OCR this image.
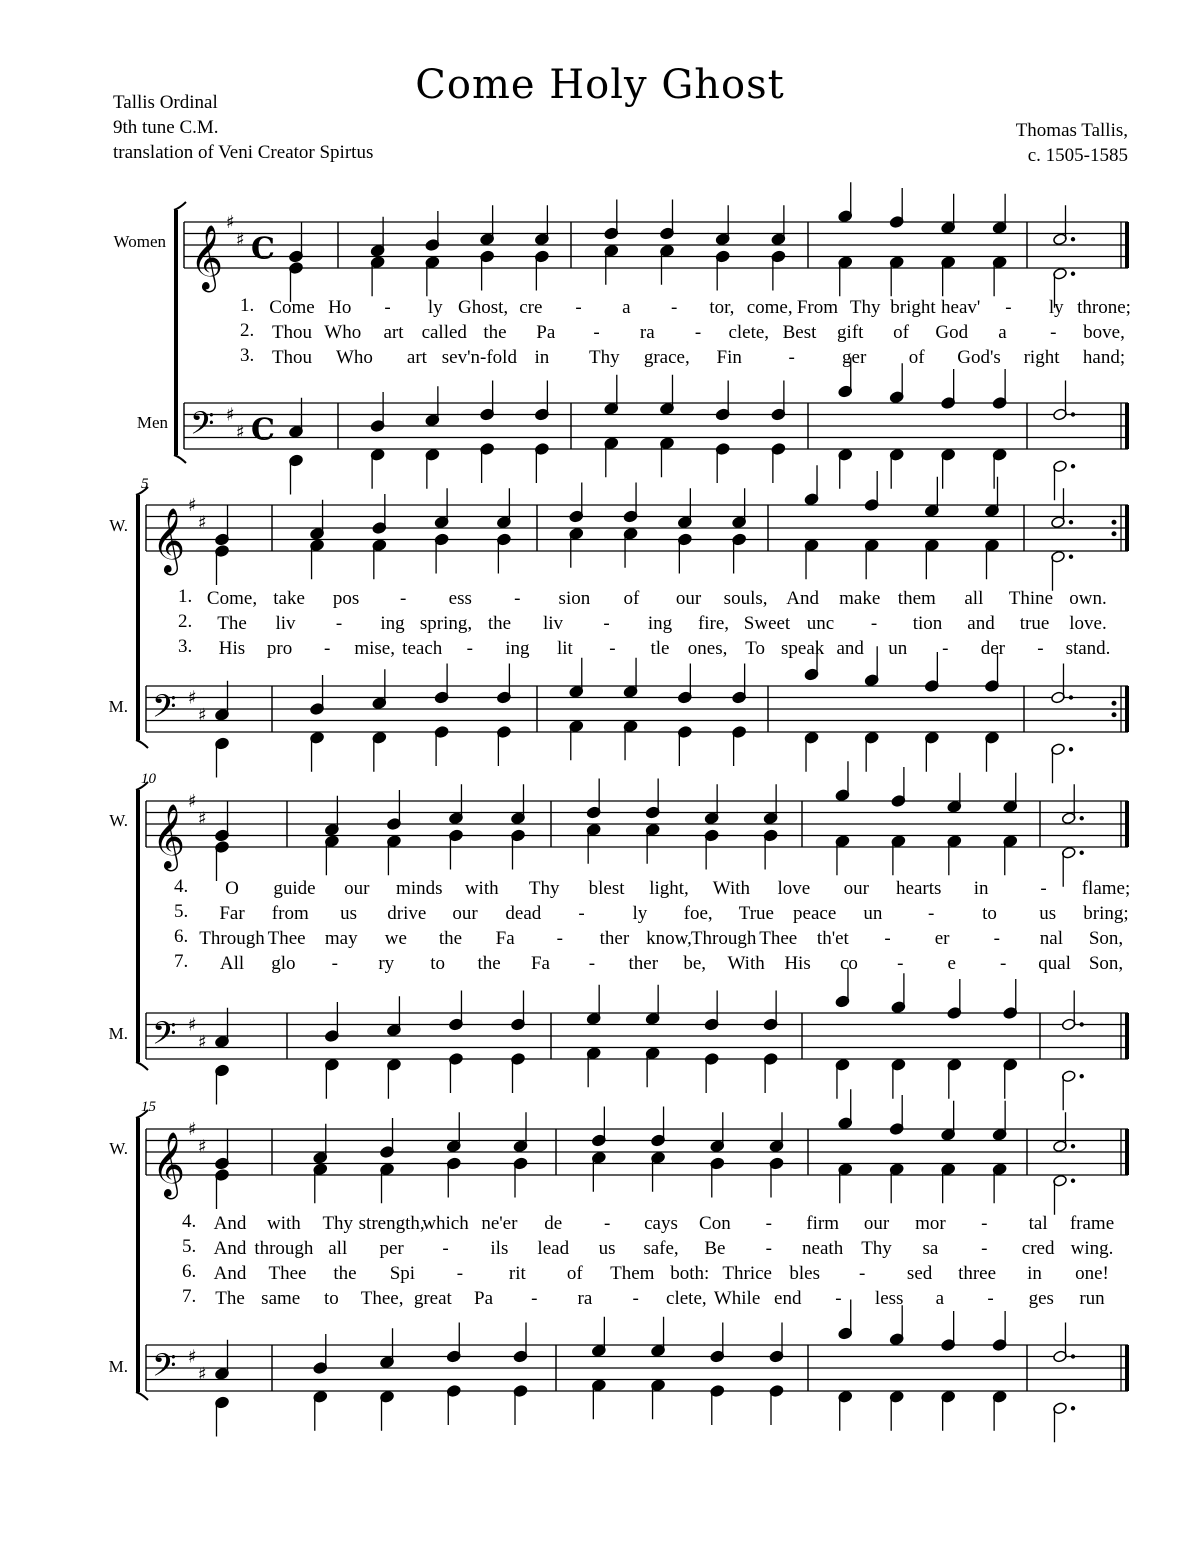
Come Holy Ghost
Tallis Ordinal
9th tune C.M.
translation of Veni Creator Spirtus
Thomas Tallis,
c. 1505-1585
Women
Men
W.
M.
W.
M.
W.
M.
5
10
15
𝄞
♯
♯ C
𝄢 ♯
♯ C
𝄞
♯
♯
𝄢 ♯
♯
𝄞
♯
♯
𝄢 ♯
♯
𝄞
♯
♯
𝄢 ♯
♯
1. Come Ho - ly Ghost, cre - a - tor, come, From Thy bright heav' - ly throne;
2. Thou Who art called the Pa - ra - clete, Best gift of God a - bove,
3. Thou Who art sev'n-fold in Thy grace, Fin - ger of God's right hand;
1. Come, take pos - ess - sion of our souls, And make them all Thine own.
2. The liv - ing spring, the liv - ing fire, Sweet unc - tion and true love.
3. His pro - mise, teach - ing lit - tle ones, To speak and un - der - stand.
4. O guide our minds with Thy blest light, With love our hearts in	- flame;
5. Far from us drive our dead -	ly foe, True peace un -	to us bring;
6. Through Thee may we the Fa - ther know, Through Thee th'et - er - nal Son,
7. All glo - ry to the Fa - ther be, With His co - e - qual Son,
4. And with Thy strength,
which ne'er de - cays Con - firm our mor - tal frame
5. And through all per - ils lead us safe, Be - neath Thy sa - cred wing.
6. And Thee the Spi - rit of Them both: Thrice bles - sed three in one!
7. The same to Thee, great Pa - ra - clete, While end - less a - ges run
